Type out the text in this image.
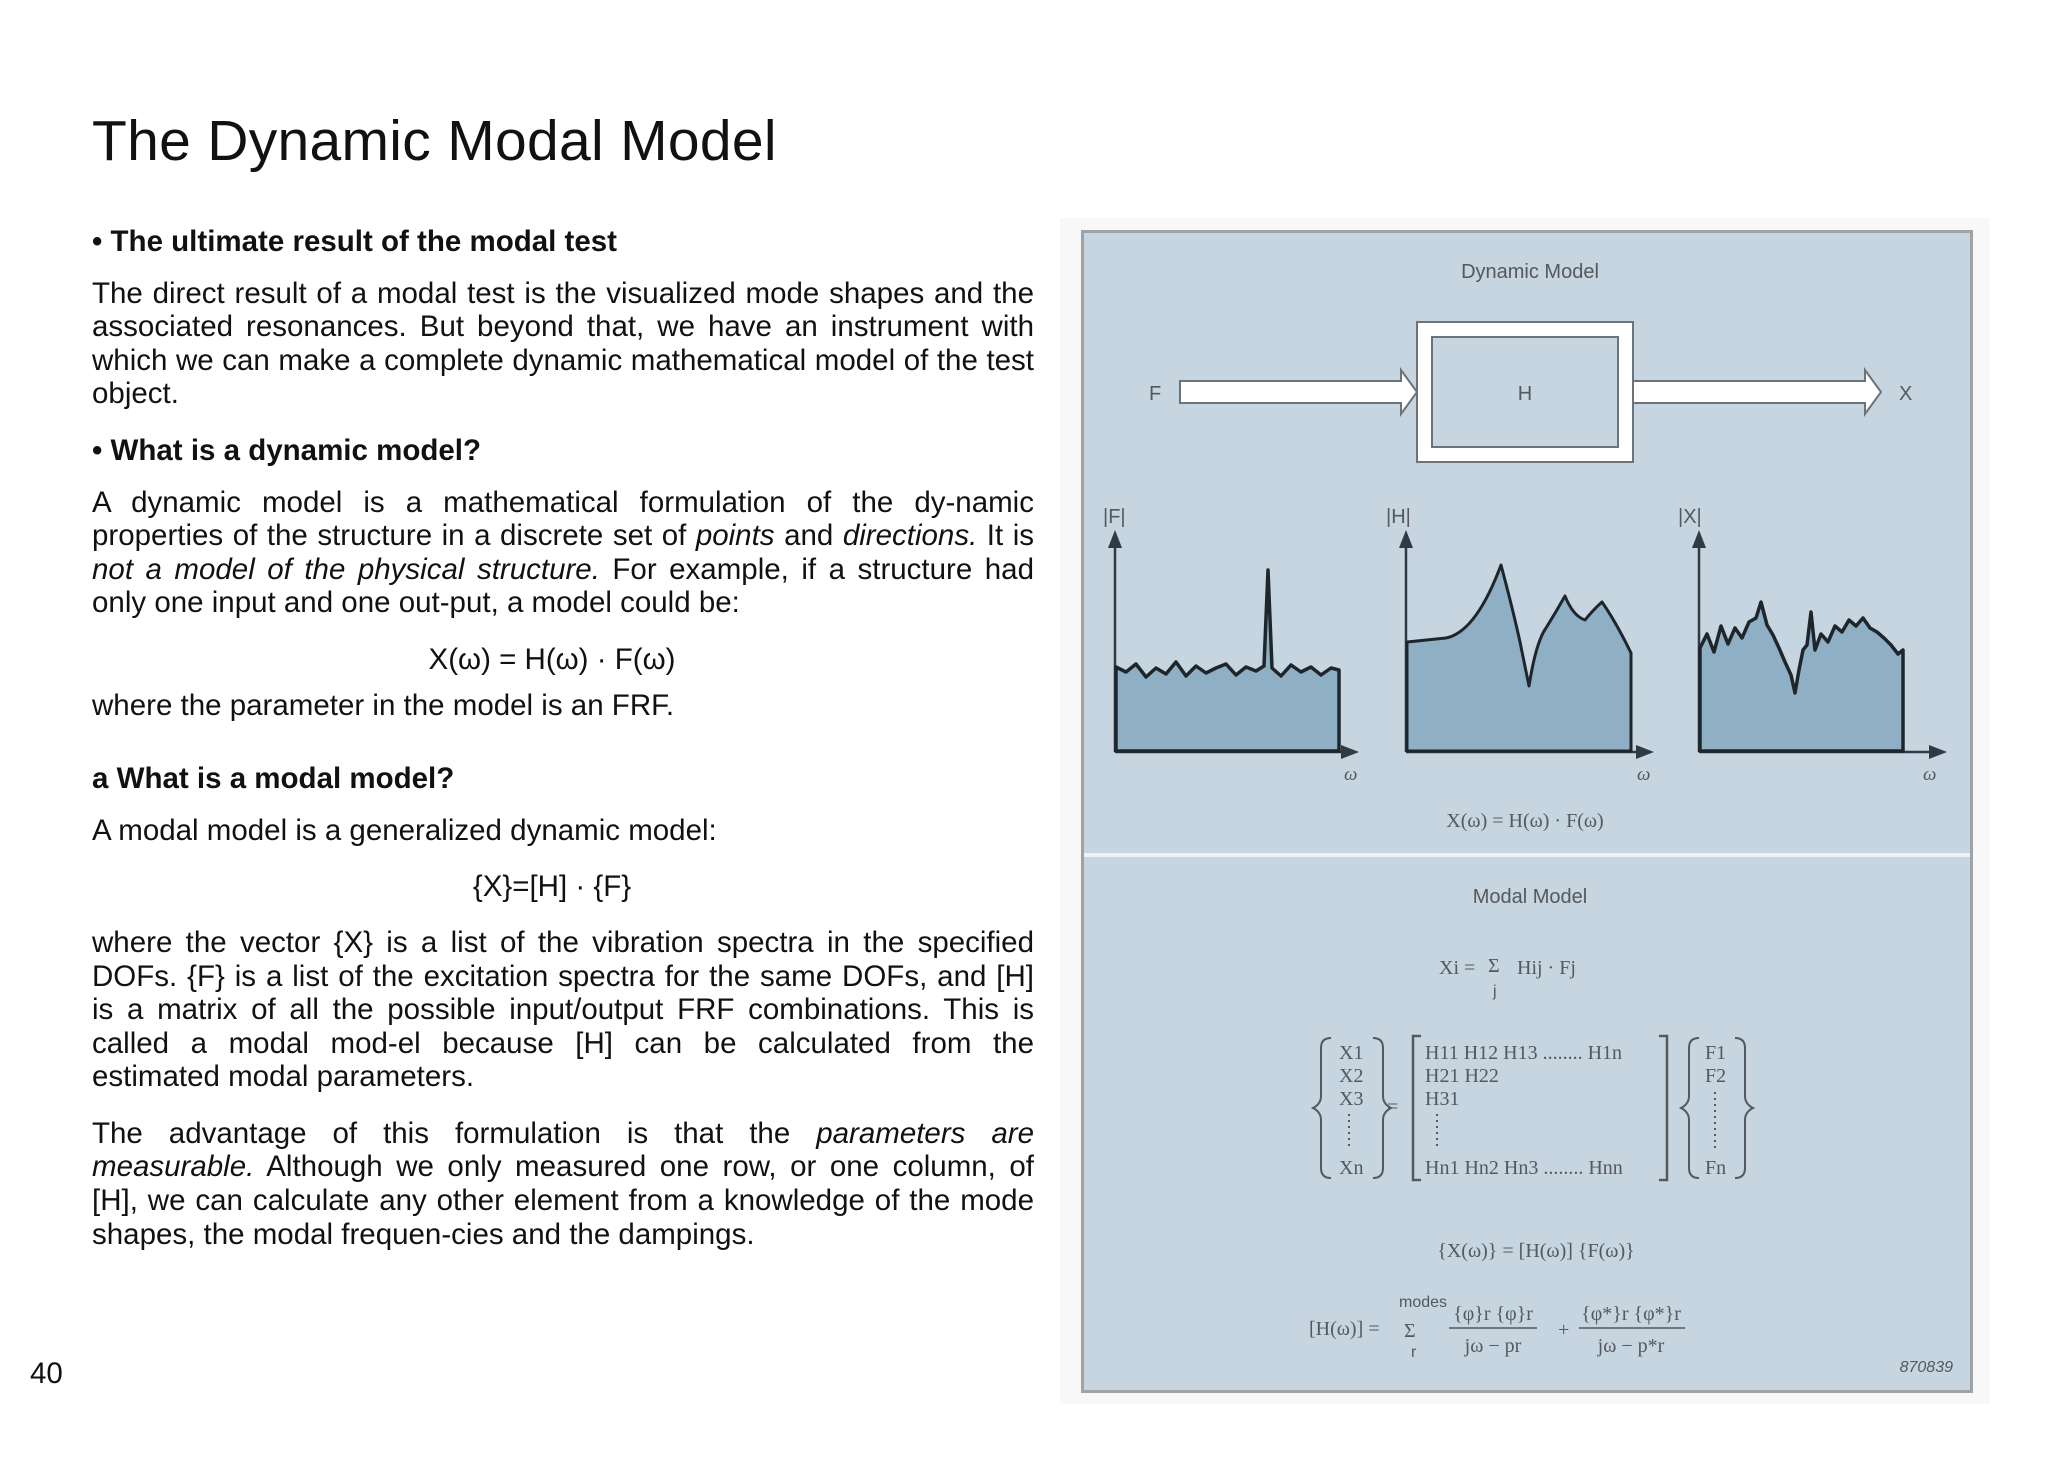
The Dynamic Modal Model

• The ultimate result of the modal test

The direct result of a modal test is the visualized mode shapes and the associated resonances. But beyond that, we have an instrument with which we can make a complete dynamic mathematical model of the test object.

• What is a dynamic model?

A dynamic model is a mathematical formulation of the dy-namic properties of the structure in a discrete set of points and directions. It is not a model of the physical structure. For example, if a structure had only one input and one out-put, a model could be:

X(ω) = H(ω) · F(ω)

where the parameter in the model is an FRF.

a What is a modal model?

A modal model is a generalized dynamic model:

{X}=[H] · {F}

where the vector {X} is a list of the vibration spectra in the specified DOFs. {F} is a list of the excitation spectra for the same DOFs, and [H] is a matrix of all the possible input/output FRF combinations. This is called a modal mod-el because [H] can be calculated from the estimated modal parameters.

The advantage of this formulation is that the parameters are measurable. Although we only measured one row, or one column, of [H], we can calculate any other element from a knowledge of the mode shapes, the modal frequen-cies and the dampings.

40
Dynamic Model
F	H	X
|F|
ω
|H|
ω
|X|
ω
X(ω) = H(ω) · F(ω)
Modal Model
Xi = Σ
j
Hij · Fj
X1
X2
X3
Xn
=
H11 H12 H13 ........ H1n
H21 H22
H31
Hn1 Hn2 Hn3 ........ Hnn
F1
F2
Fn
{X(ω)} = [H(ω)] {F(ω)}
[H(ω)] =
modes
Σ
r
{φ}r {φ}r
jω − pr
+
{φ*}r {φ*}r
jω − p*r
870839
